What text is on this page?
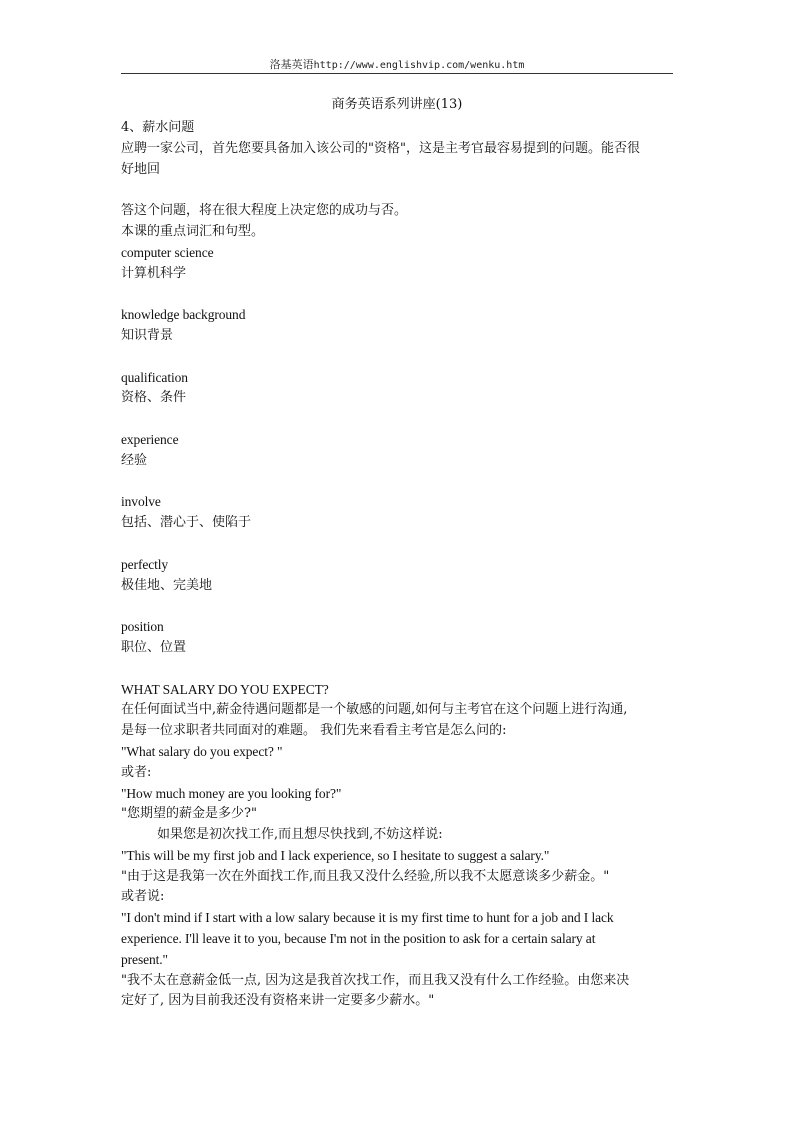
洛基英语http://www.englishvip.com/wenku.htm
商务英语系列讲座(13)
4、薪水问题
应聘一家公司，首先您要具备加入该公司的"资格"，这是主考官最容易提到的问题。能否很
好地回
答这个问题，将在很大程度上决定您的成功与否。
本课的重点词汇和句型。
computer science
计算机科学
knowledge background
知识背景
qualification
资格、条件
experience
经验
involve
包括、潜心于、使陷于
perfectly
极佳地、完美地
position
职位、位置
WHAT SALARY DO YOU EXPECT?
在任何面试当中,薪金待遇问题都是一个敏感的问题,如何与主考官在这个问题上进行沟通,
是每一位求职者共同面对的难题。 我们先来看看主考官是怎么问的:
"What salary do you expect? "
或者:
"How much money are you looking for?"
"您期望的薪金是多少?"
如果您是初次找工作,而且想尽快找到,不妨这样说:
"This will be my first job and I lack experience, so I hesitate to suggest a salary."
"由于这是我第一次在外面找工作,而且我又没什么经验,所以我不太愿意谈多少薪金。"
或者说:
"I don't mind if I start with a low salary because it is my first time to hunt for a job and I lack
experience. I'll leave it to you, because I'm not in the position to ask for a certain salary at
present."
"我不太在意薪金低一点, 因为这是我首次找工作，而且我又没有什么工作经验。由您来决
定好了, 因为目前我还没有资格来讲一定要多少薪水。"
